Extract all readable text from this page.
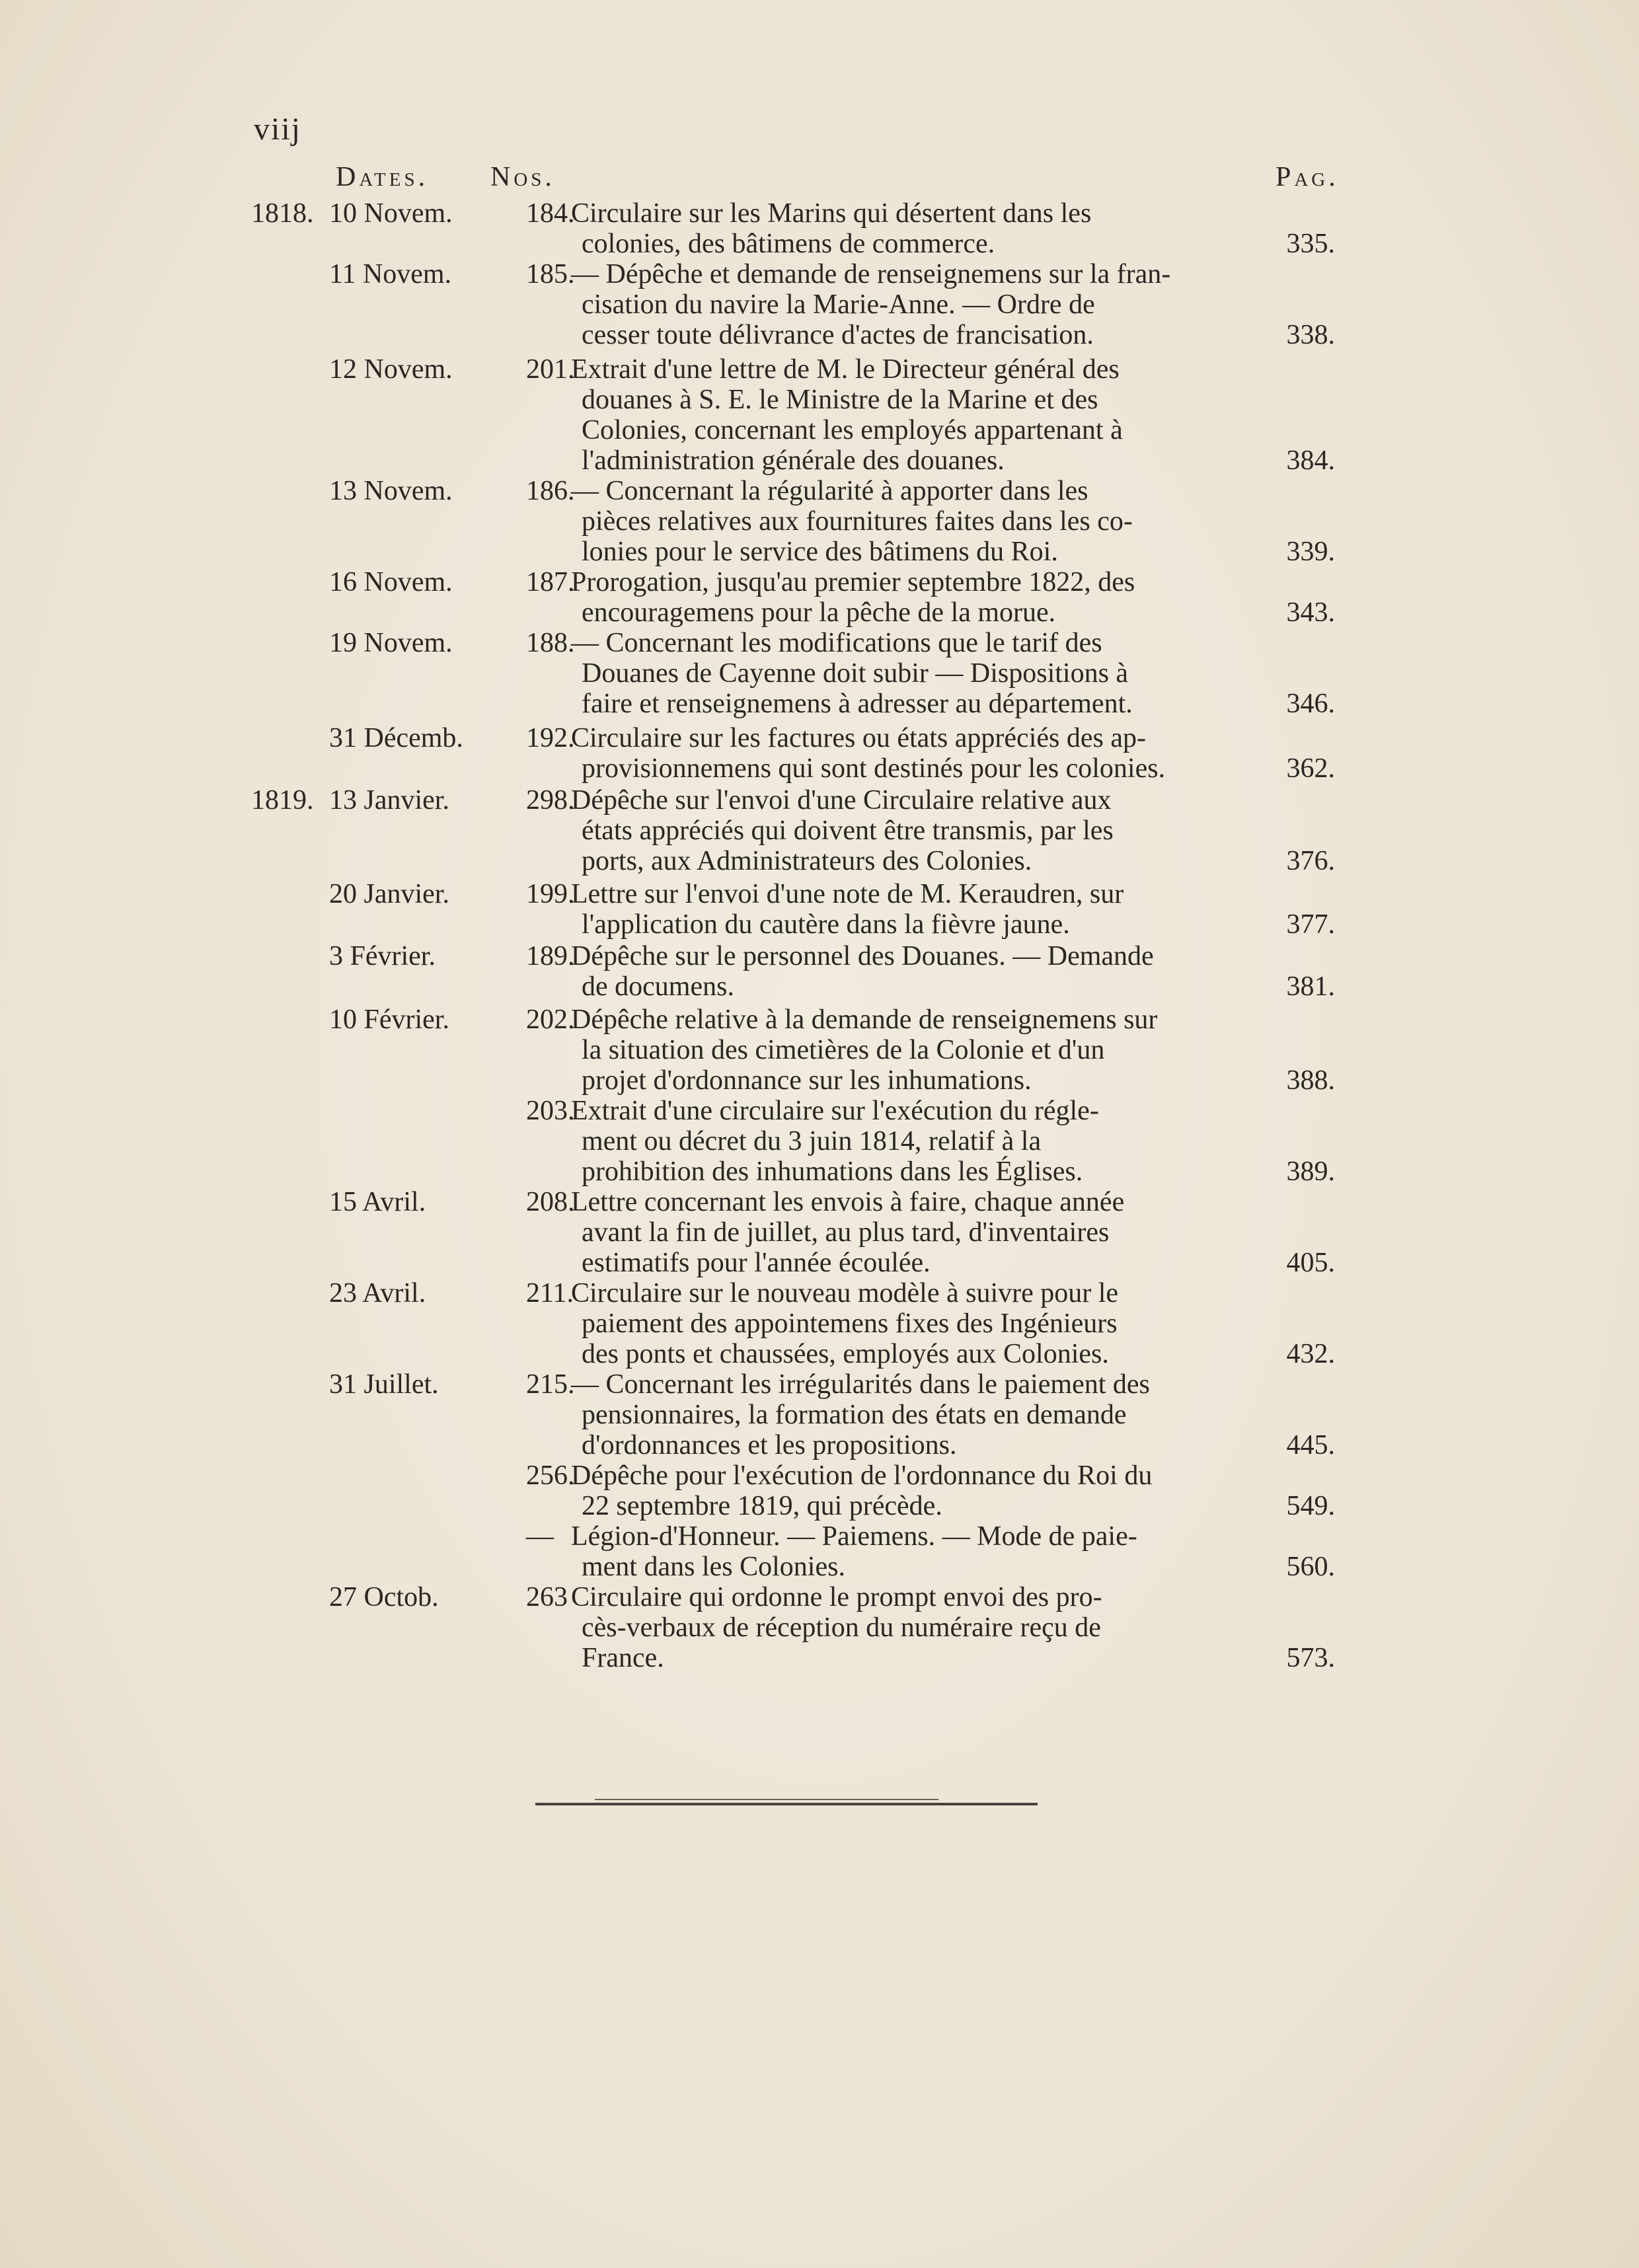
viij
Dates. Nos.	Pag.
1818. 10 Novem.	184.
Circulaire sur les Marins qui désertent dans les
colonies, des bâtimens de commerce.	335.
11 Novem.	185.
— Dépêche et demande de renseignemens sur la fran-
cisation du navire la Marie-Anne. — Ordre de
cesser toute délivrance d'actes de francisation.	338.
12 Novem.	201.
Extrait d'une lettre de M. le Directeur général des
douanes à S. E. le Ministre de la Marine et des
Colonies, concernant les employés appartenant à
l'administration générale des douanes.	384.
13 Novem.	186.
— Concernant la régularité à apporter dans les
pièces relatives aux fournitures faites dans les co-
lonies pour le service des bâtimens du Roi.	339.
16 Novem.	187.
Prorogation, jusqu'au premier septembre 1822, des
encouragemens pour la pêche de la morue.	343.
19 Novem.	188.
— Concernant les modifications que le tarif des
Douanes de Cayenne doit subir — Dispositions à
faire et renseignemens à adresser au département.	346.
31 Décemb. 192.
Circulaire sur les factures ou états appréciés des ap-
provisionnemens qui sont destinés pour les colonies.	362.
1819. 13 Janvier.	298.
Dépêche sur l'envoi d'une Circulaire relative aux
états appréciés qui doivent être transmis, par les
ports, aux Administrateurs des Colonies.	376.
20 Janvier.	199.
Lettre sur l'envoi d'une note de M. Keraudren, sur
l'application du cautère dans la fièvre jaune.	377.
3 Février.	189.
Dépêche sur le personnel des Douanes. — Demande
de documens.	381.
10 Février.	202.
Dépêche relative à la demande de renseignemens sur
la situation des cimetières de la Colonie et d'un
projet d'ordonnance sur les inhumations.	388.
203.
Extrait d'une circulaire sur l'exécution du régle-
ment ou décret du 3 juin 1814, relatif à la
prohibition des inhumations dans les Églises.	389.
15 Avril.	208.
Lettre concernant les envois à faire, chaque année
avant la fin de juillet, au plus tard, d'inventaires
estimatifs pour l'année écoulée.	405.
23 Avril.	211.
Circulaire sur le nouveau modèle à suivre pour le
paiement des appointemens fixes des Ingénieurs
des ponts et chaussées, employés aux Colonies.	432.
31 Juillet.	215.
— Concernant les irrégularités dans le paiement des
pensionnaires, la formation des états en demande
d'ordonnances et les propositions.	445.
256.
Dépêche pour l'exécution de l'ordonnance du Roi du
22 septembre 1819, qui précède.	549.
— Légion-d'Honneur. — Paiemens. — Mode de paie-
ment dans les Colonies.	560.
27 Octob.	263 Circulaire qui ordonne le prompt envoi des pro-
cès-verbaux de réception du numéraire reçu de
France.	573.
